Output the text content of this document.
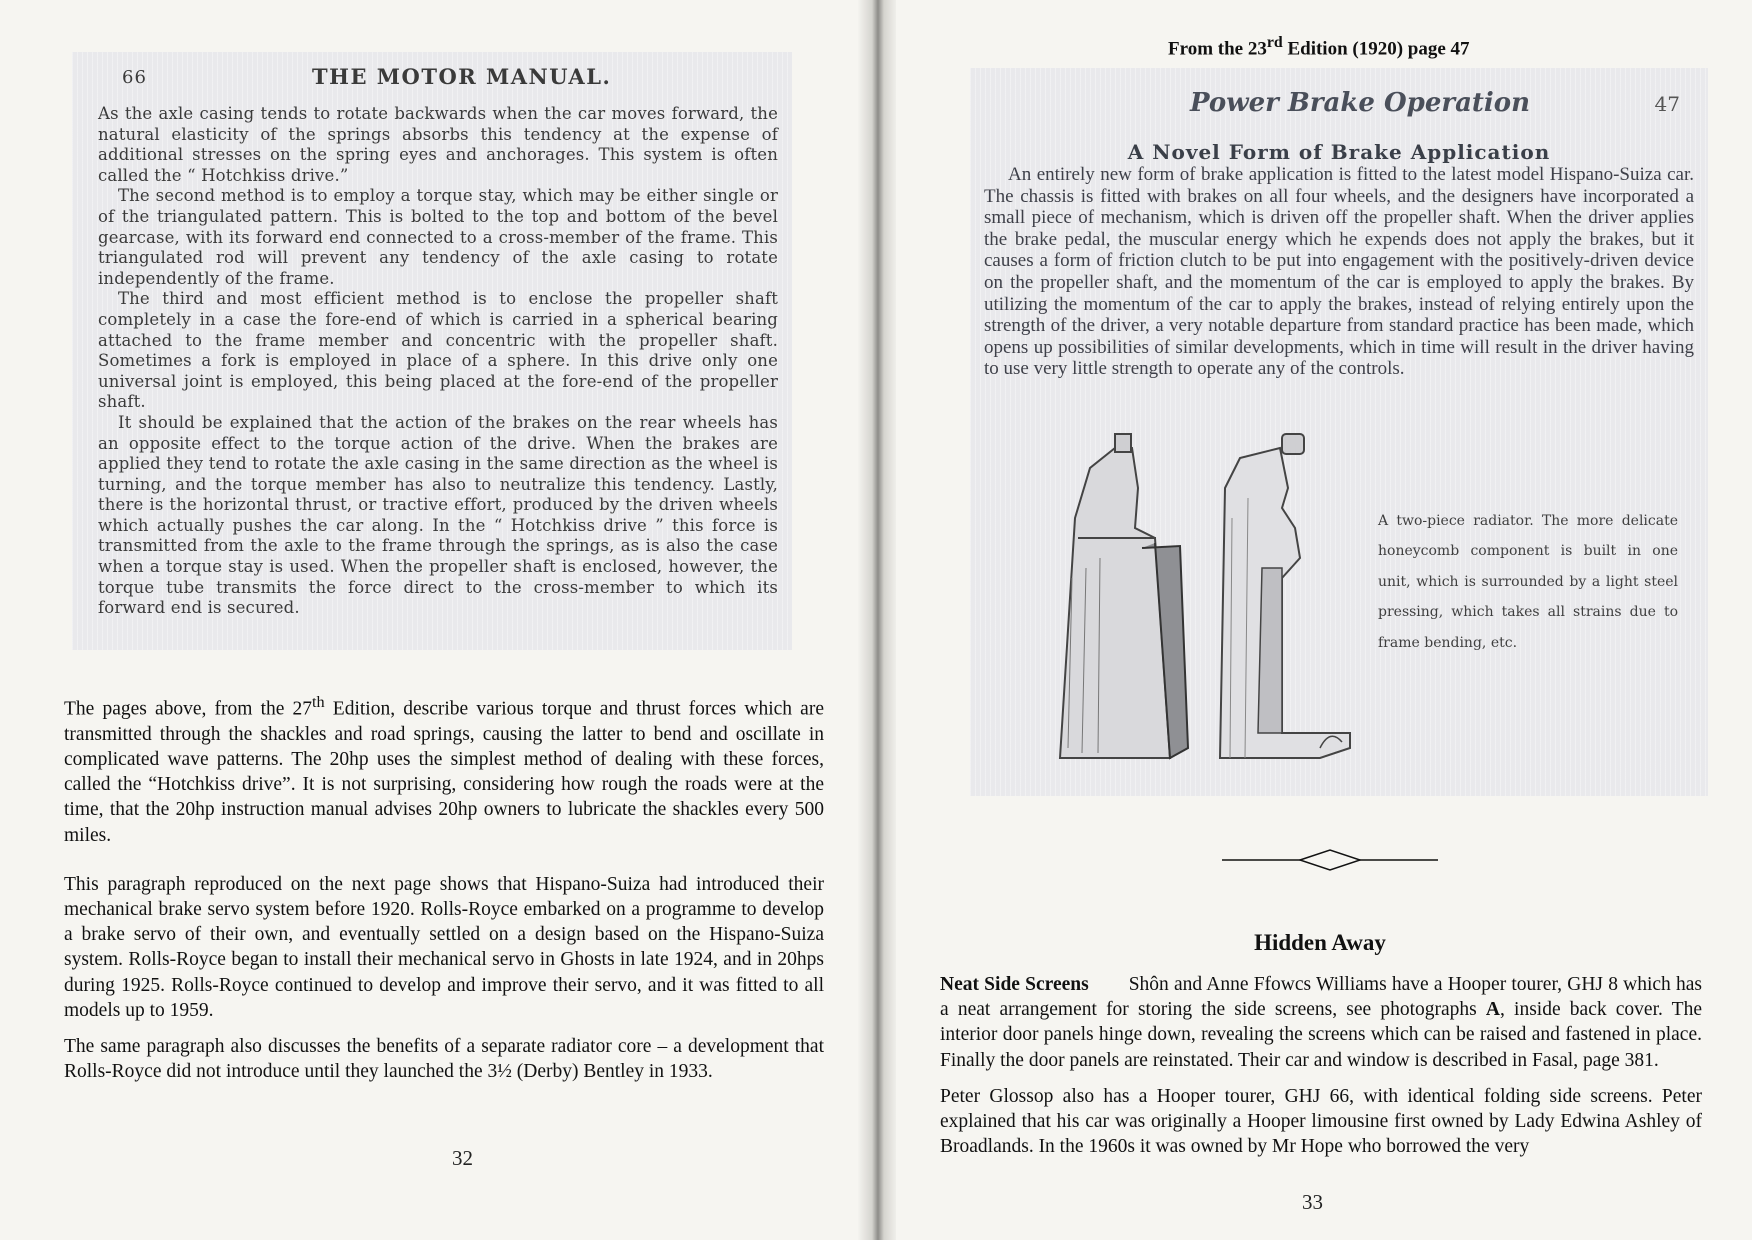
66	THE MOTOR MANUAL.

As the axle casing tends to rotate backwards when the car moves forward, the natural elasticity of the springs absorbs this tendency at the expense of additional stresses on the spring eyes and anchorages. This system is often called the “ Hotchkiss drive.”

The second method is to employ a torque stay, which may be either single or of the triangulated pattern. This is bolted to the top and bottom of the bevel gearcase, with its forward end connected to a cross-member of the frame. This triangulated rod will prevent any tendency of the axle casing to rotate independently of the frame.

The third and most efficient method is to enclose the propeller shaft completely in a case the fore-end of which is carried in a spherical bearing attached to the frame member and concentric with the propeller shaft. Sometimes a fork is employed in place of a sphere. In this drive only one universal joint is employed, this being placed at the fore-end of the propeller shaft.

It should be explained that the action of the brakes on the rear wheels has an opposite effect to the torque action of the drive. When the brakes are applied they tend to rotate the axle casing in the same direction as the wheel is turning, and the torque member has also to neutralize this tendency. Lastly, there is the horizontal thrust, or tractive effort, produced by the driven wheels which actually pushes the car along. In the “ Hotchkiss drive ” this force is transmitted from the axle to the frame through the springs, as is also the case when a torque stay is used. When the propeller shaft is enclosed, however, the torque tube transmits the force direct to the cross-member to which its forward end is secured.

The pages above, from the 27th Edition, describe various torque and thrust forces which are transmitted through the shackles and road springs, causing the latter to bend and oscillate in complicated wave patterns. The 20hp uses the simplest method of dealing with these forces, called the “Hotchkiss drive”. It is not surprising, considering how rough the roads were at the time, that the 20hp instruction manual advises 20hp owners to lubricate the shackles every 500 miles.

This paragraph reproduced on the next page shows that Hispano-Suiza had introduced their mechanical brake servo system before 1920. Rolls-Royce embarked on a programme to develop a brake servo of their own, and eventually settled on a design based on the Hispano-Suiza system. Rolls-Royce began to install their mechanical servo in Ghosts in late 1924, and in 20hps during 1925. Rolls-Royce continued to develop and improve their servo, and it was fitted to all models up to 1959.

The same paragraph also discusses the benefits of a separate radiator core – a development that Rolls-Royce did not introduce until they launched the 3½ (Derby) Bentley in 1933.

32
From the 23rd Edition (1920) page 47
Power Brake Operation	47
A Novel Form of Brake Application

An entirely new form of brake application is fitted to the latest model Hispano-Suiza car. The chassis is fitted with brakes on all four wheels, and the designers have incorporated a small piece of mechanism, which is driven off the propeller shaft. When the driver applies the brake pedal, the muscular energy which he expends does not apply the brakes, but it causes a form of friction clutch to be put into engagement with the positively-driven device on the propeller shaft, and the momentum of the car is employed to apply the brakes. By utilizing the momentum of the car to apply the brakes, instead of relying entirely upon the strength of the driver, a very notable departure from standard practice has been made, which opens up possibilities of similar developments, which in time will result in the driver having to use very little strength to operate any of the controls.

A two-piece radiator. The more delicate honeycomb component is built in one unit, which is surrounded by a light steel pressing, which takes all strains due to frame bending, etc.
Hidden Away

Neat Side Screens Shôn and Anne Ffowcs Williams have a Hooper tourer, GHJ 8 which has a neat arrangement for storing the side screens, see photographs A, inside back cover. The interior door panels hinge down, revealing the screens which can be raised and fastened in place. Finally the door panels are reinstated. Their car and window is described in Fasal, page 381.

Peter Glossop also has a Hooper tourer, GHJ 66, with identical folding side screens. Peter explained that his car was originally a Hooper limousine first owned by Lady Edwina Ashley of Broadlands. In the 1960s it was owned by Mr Hope who borrowed the very

33
